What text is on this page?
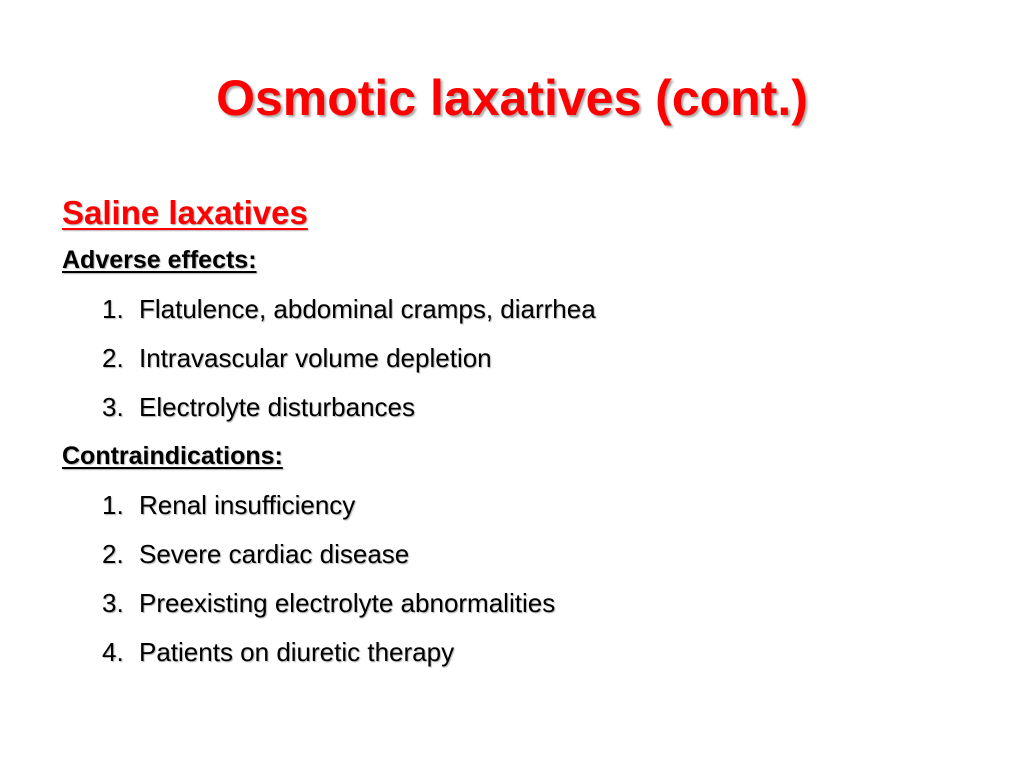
Osmotic laxatives (cont.)
Saline laxatives
Adverse effects:
1. Flatulence, abdominal cramps, diarrhea
2. Intravascular volume depletion
3. Electrolyte disturbances
Contraindications:
1. Renal insufficiency
2. Severe cardiac disease
3. Preexisting electrolyte abnormalities
4. Patients on diuretic therapy
